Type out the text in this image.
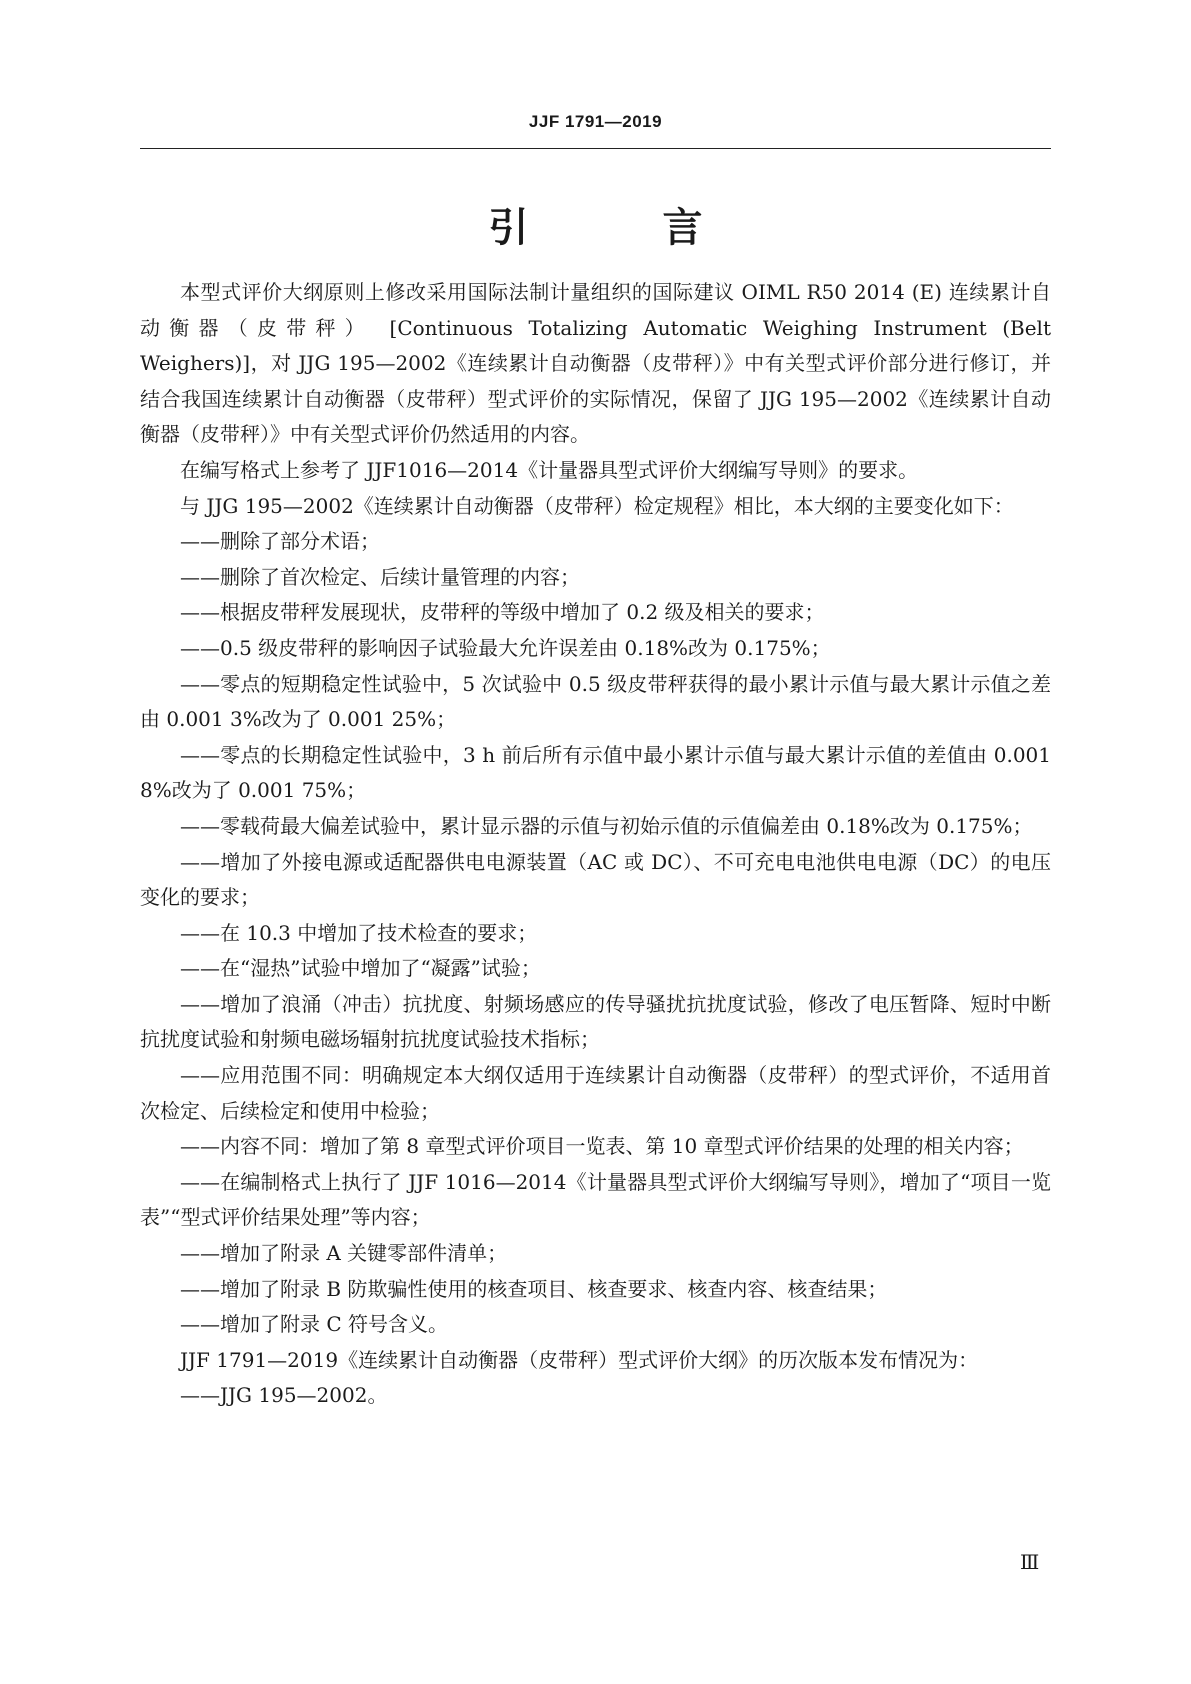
JJF 1791—2019
引 言

本型式评价大纲原则上修改采用国际法制计量组织的国际建议 OIML R50 2014 (E) 连续累计自动衡器（皮带秤） [Continuous Totalizing Automatic Weighing Instrument (Belt Weighers)]，对 JJG 195—2002《连续累计自动衡器（皮带秤）》中有关型式评价部分进行修订，并结合我国连续累计自动衡器（皮带秤）型式评价的实际情况，保留了 JJG 195—2002《连续累计自动衡器（皮带秤）》中有关型式评价仍然适用的内容。

在编写格式上参考了 JJF1016—2014《计量器具型式评价大纲编写导则》的要求。

与 JJG 195—2002《连续累计自动衡器（皮带秤）检定规程》相比，本大纲的主要变化如下：

——删除了部分术语；

——删除了首次检定、后续计量管理的内容；

——根据皮带秤发展现状，皮带秤的等级中增加了 0.2 级及相关的要求；

——0.5 级皮带秤的影响因子试验最大允许误差由 0.18%改为 0.175%；

——零点的短期稳定性试验中，5 次试验中 0.5 级皮带秤获得的最小累计示值与最大累计示值之差由 0.001 3%改为了 0.001 25%；

——零点的长期稳定性试验中，3 h 前后所有示值中最小累计示值与最大累计示值的差值由 0.001 8%改为了 0.001 75%；

——零载荷最大偏差试验中，累计显示器的示值与初始示值的示值偏差由 0.18%改为 0.175%；

——增加了外接电源或适配器供电电源装置（AC 或 DC）、不可充电电池供电电源（DC）的电压变化的要求；

——在 10.3 中增加了技术检查的要求；

——在“湿热”试验中增加了“凝露”试验；

——增加了浪涌（冲击）抗扰度、射频场感应的传导骚扰抗扰度试验，修改了电压暂降、短时中断抗扰度试验和射频电磁场辐射抗扰度试验技术指标；

——应用范围不同：明确规定本大纲仅适用于连续累计自动衡器（皮带秤）的型式评价，不适用首次检定、后续检定和使用中检验；

——内容不同：增加了第 8 章型式评价项目一览表、第 10 章型式评价结果的处理的相关内容；

——在编制格式上执行了 JJF 1016—2014《计量器具型式评价大纲编写导则》，增加了“项目一览表”“型式评价结果处理”等内容；

——增加了附录 A 关键零部件清单；

——增加了附录 B 防欺骗性使用的核查项目、核查要求、核查内容、核查结果；

——增加了附录 C 符号含义。

JJF 1791—2019《连续累计自动衡器（皮带秤）型式评价大纲》的历次版本发布情况为：

——JJG 195—2002。

Ⅲ
